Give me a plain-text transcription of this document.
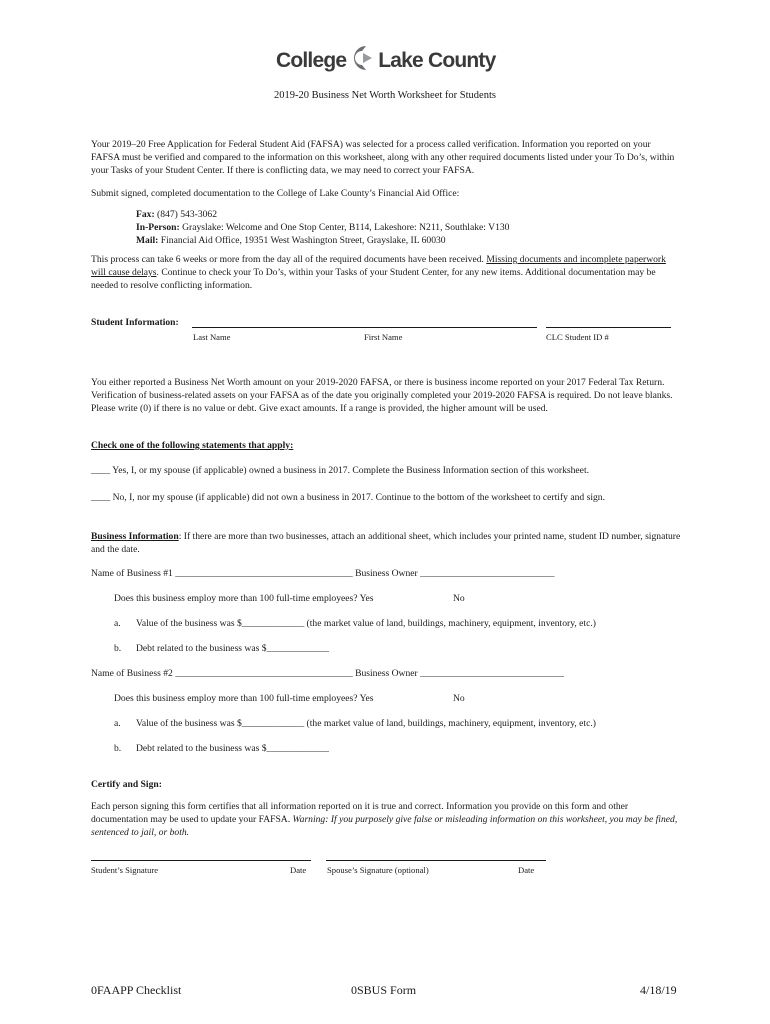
College Lake County
2019-20 Business Net Worth Worksheet for Students
Your 2019–20 Free Application for Federal Student Aid (FAFSA) was selected for a process called verification. Information you reported on your FAFSA must be verified and compared to the information on this worksheet, along with any other required documents listed under your To Do’s, within your Tasks of your Student Center. If there is conflicting data, we may need to correct your FAFSA.
Submit signed, completed documentation to the College of Lake County’s Financial Aid Office:
Fax: (847) 543-3062
In-Person: Grayslake: Welcome and One Stop Center, B114, Lakeshore: N211, Southlake: V130
Mail: Financial Aid Office, 19351 West Washington Street, Grayslake, IL 60030
This process can take 6 weeks or more from the day all of the required documents have been received. Missing documents and incomplete paperwork will cause delays. Continue to check your To Do’s, within your Tasks of your Student Center, for any new items. Additional documentation may be needed to resolve conflicting information.
Student Information:
Last Name	First Name	CLC Student ID #
You either reported a Business Net Worth amount on your 2019-2020 FAFSA, or there is business income reported on your 2017 Federal Tax Return. Verification of business-related assets on your FAFSA as of the date you originally completed your 2019-2020 FAFSA is required. Do not leave blanks. Please write (0) if there is no value or debt. Give exact amounts. If a range is provided, the higher amount will be used.
Check one of the following statements that apply:
____ Yes, I, or my spouse (if applicable) owned a business in 2017. Complete the Business Information section of this worksheet.
____ No, I, nor my spouse (if applicable) did not own a business in 2017. Continue to the bottom of the worksheet to certify and sign.
Business Information: If there are more than two businesses, attach an additional sheet, which includes your printed name, student ID number, signature and the date.
Name of Business #1 _____________________________________ Business Owner ____________________________
Does this business employ more than 100 full-time employees? Yes	No
a. Value of the business was $_____________ (the market value of land, buildings, machinery, equipment, inventory, etc.)
b. Debt related to the business was $_____________
Name of Business #2 _____________________________________ Business Owner ______________________________
Does this business employ more than 100 full-time employees? Yes	No
a. Value of the business was $_____________ (the market value of land, buildings, machinery, equipment, inventory, etc.)
b. Debt related to the business was $_____________
Certify and Sign:
Each person signing this form certifies that all information reported on it is true and correct. Information you provide on this form and other documentation may be used to update your FAFSA. Warning: If you purposely give false or misleading information on this worksheet, you may be fined, sentenced to jail, or both.
Student’s Signature	Date Spouse’s Signature (optional)	Date
0FAAPP Checklist	0SBUS Form	4/18/19
